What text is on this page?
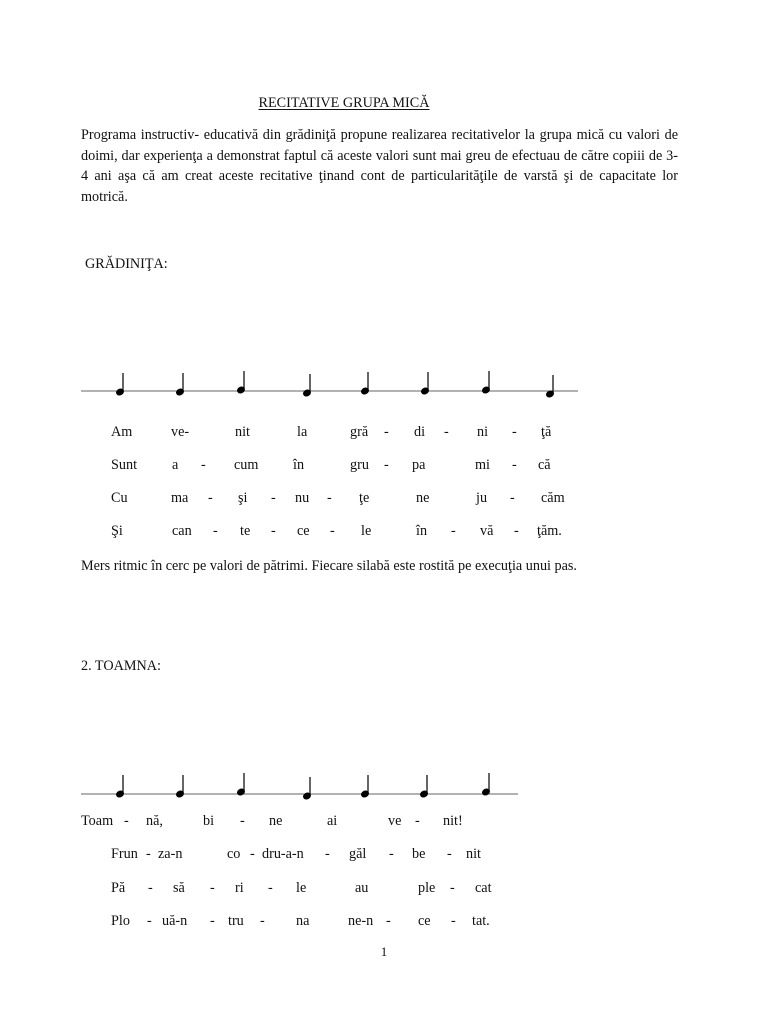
RECITATIVE GRUPA MICĂ

Programa instructiv- educativă din grădiniţă propune realizarea recitativelor la grupa mică cu valori de doimi, dar experienţa a demonstrat faptul că aceste valori sunt mai greu de efectuau de către copiii de 3-4 ani aşa că am creat aceste recitative ţinand cont de particularităţile de varstă şi de capacitate lor motrică.

GRĂDINIŢA:
Am	ve-	nit	la	gră - di - ni - ţă
Sunt a - cum în	gru - pa	mi - că
Cu	ma - şi - nu - ţe	ne	ju - căm
Şi	can - te - ce - le	în - vă - ţăm.
Mers ritmic în cerc pe valori de pătrimi. Fiecare silabă este rostită pe execuţia unui pas.
2. TOAMNA:
Toam - nă,	bi - ne	ai	ve - nit!
Frun - za-n	co - dru-a-n - găl - be - nit
Pă - să - ri - le	au	ple - cat
Plo - uă-n - tru - na	ne-n - ce - tat.
1
